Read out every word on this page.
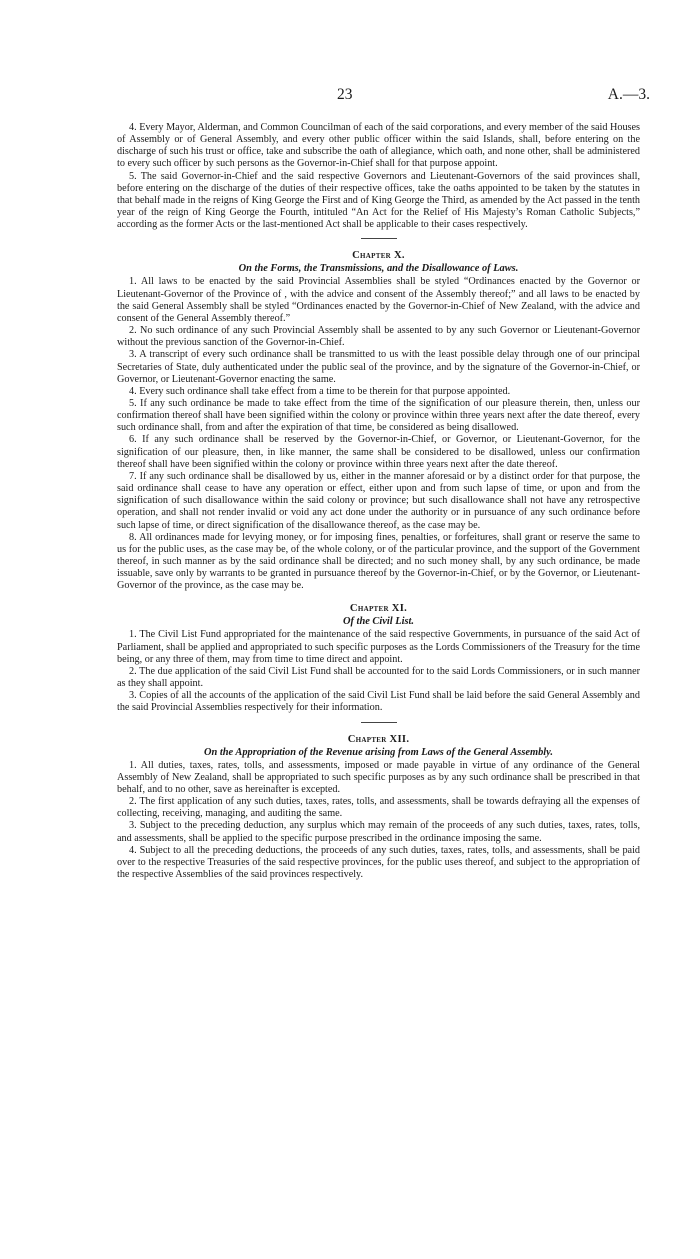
23	A.—3.

4. Every Mayor, Alderman, and Common Councilman of each of the said corporations, and every member of the said Houses of Assembly or of General Assembly, and every other public officer within the said Islands, shall, before entering on the discharge of such his trust or office, take and subscribe the oath of allegiance, which oath, and none other, shall be administered to every such officer by such persons as the Governor-in-Chief shall for that purpose appoint.

5. The said Governor-in-Chief and the said respective Governors and Lieutenant-Governors of the said provinces shall, before entering on the discharge of the duties of their respective offices, take the oaths appointed to be taken by the statutes in that behalf made in the reigns of King George the First and of King George the Third, as amended by the Act passed in the tenth year of the reign of King George the Fourth, intituled “An Act for the Relief of His Majesty’s Roman Catholic Subjects,” according as the former Acts or the last-mentioned Act shall be applicable to their cases respectively.

Chapter X.
On the Forms, the Transmissions, and the Disallowance of Laws.

1. All laws to be enacted by the said Provincial Assemblies shall be styled “Ordinances enacted by the Governor or Lieutenant-Governor of the Province of , with the advice and consent of the Assembly thereof;” and all laws to be enacted by the said General Assembly shall be styled “Ordinances enacted by the Governor-in-Chief of New Zealand, with the advice and consent of the General Assembly thereof.”

2. No such ordinance of any such Provincial Assembly shall be assented to by any such Governor or Lieutenant-Governor without the previous sanction of the Governor-in-Chief.

3. A transcript of every such ordinance shall be transmitted to us with the least possible delay through one of our principal Secretaries of State, duly authenticated under the public seal of the province, and by the signature of the Governor-in-Chief, or Governor, or Lieutenant-Governor enacting the same.

4. Every such ordinance shall take effect from a time to be therein for that purpose appointed.

5. If any such ordinance be made to take effect from the time of the signification of our pleasure therein, then, unless our confirmation thereof shall have been signified within the colony or province within three years next after the date thereof, every such ordinance shall, from and after the expiration of that time, be considered as being disallowed.

6. If any such ordinance shall be reserved by the Governor-in-Chief, or Governor, or Lieutenant-Governor, for the signification of our pleasure, then, in like manner, the same shall be considered to be disallowed, unless our confirmation thereof shall have been signified within the colony or province within three years next after the date thereof.

7. If any such ordinance shall be disallowed by us, either in the manner aforesaid or by a distinct order for that purpose, the said ordinance shall cease to have any operation or effect, either upon and from such lapse of time, or upon and from the signification of such disallowance within the said colony or province; but such disallowance shall not have any retrospective operation, and shall not render invalid or void any act done under the authority or in pursuance of any such ordinance before such lapse of time, or direct signification of the disallowance thereof, as the case may be.

8. All ordinances made for levying money, or for imposing fines, penalties, or forfeitures, shall grant or reserve the same to us for the public uses, as the case may be, of the whole colony, or of the particular province, and the support of the Government thereof, in such manner as by the said ordinance shall be directed; and no such money shall, by any such ordinance, be made issuable, save only by warrants to be granted in pursuance thereof by the Governor-in-Chief, or by the Governor, or Lieutenant-Governor of the province, as the case may be.

Chapter XI.
Of the Civil List.

1. The Civil List Fund appropriated for the maintenance of the said respective Governments, in pursuance of the said Act of Parliament, shall be applied and appropriated to such specific purposes as the Lords Commissioners of the Treasury for the time being, or any three of them, may from time to time direct and appoint.

2. The due application of the said Civil List Fund shall be accounted for to the said Lords Commissioners, or in such manner as they shall appoint.

3. Copies of all the accounts of the application of the said Civil List Fund shall be laid before the said General Assembly and the said Provincial Assemblies respectively for their information.

Chapter XII.
On the Appropriation of the Revenue arising from Laws of the General Assembly.

1. All duties, taxes, rates, tolls, and assessments, imposed or made payable in virtue of any ordinance of the General Assembly of New Zealand, shall be appropriated to such specific purposes as by any such ordinance shall be prescribed in that behalf, and to no other, save as hereinafter is excepted.

2. The first application of any such duties, taxes, rates, tolls, and assessments, shall be towards defraying all the expenses of collecting, receiving, managing, and auditing the same.

3. Subject to the preceding deduction, any surplus which may remain of the proceeds of any such duties, taxes, rates, tolls, and assessments, shall be applied to the specific purpose prescribed in the ordinance imposing the same.

4. Subject to all the preceding deductions, the proceeds of any such duties, taxes, rates, tolls, and assessments, shall be paid over to the respective Treasuries of the said respective provinces, for the public uses thereof, and subject to the appropriation of the respective Assemblies of the said provinces respectively.
